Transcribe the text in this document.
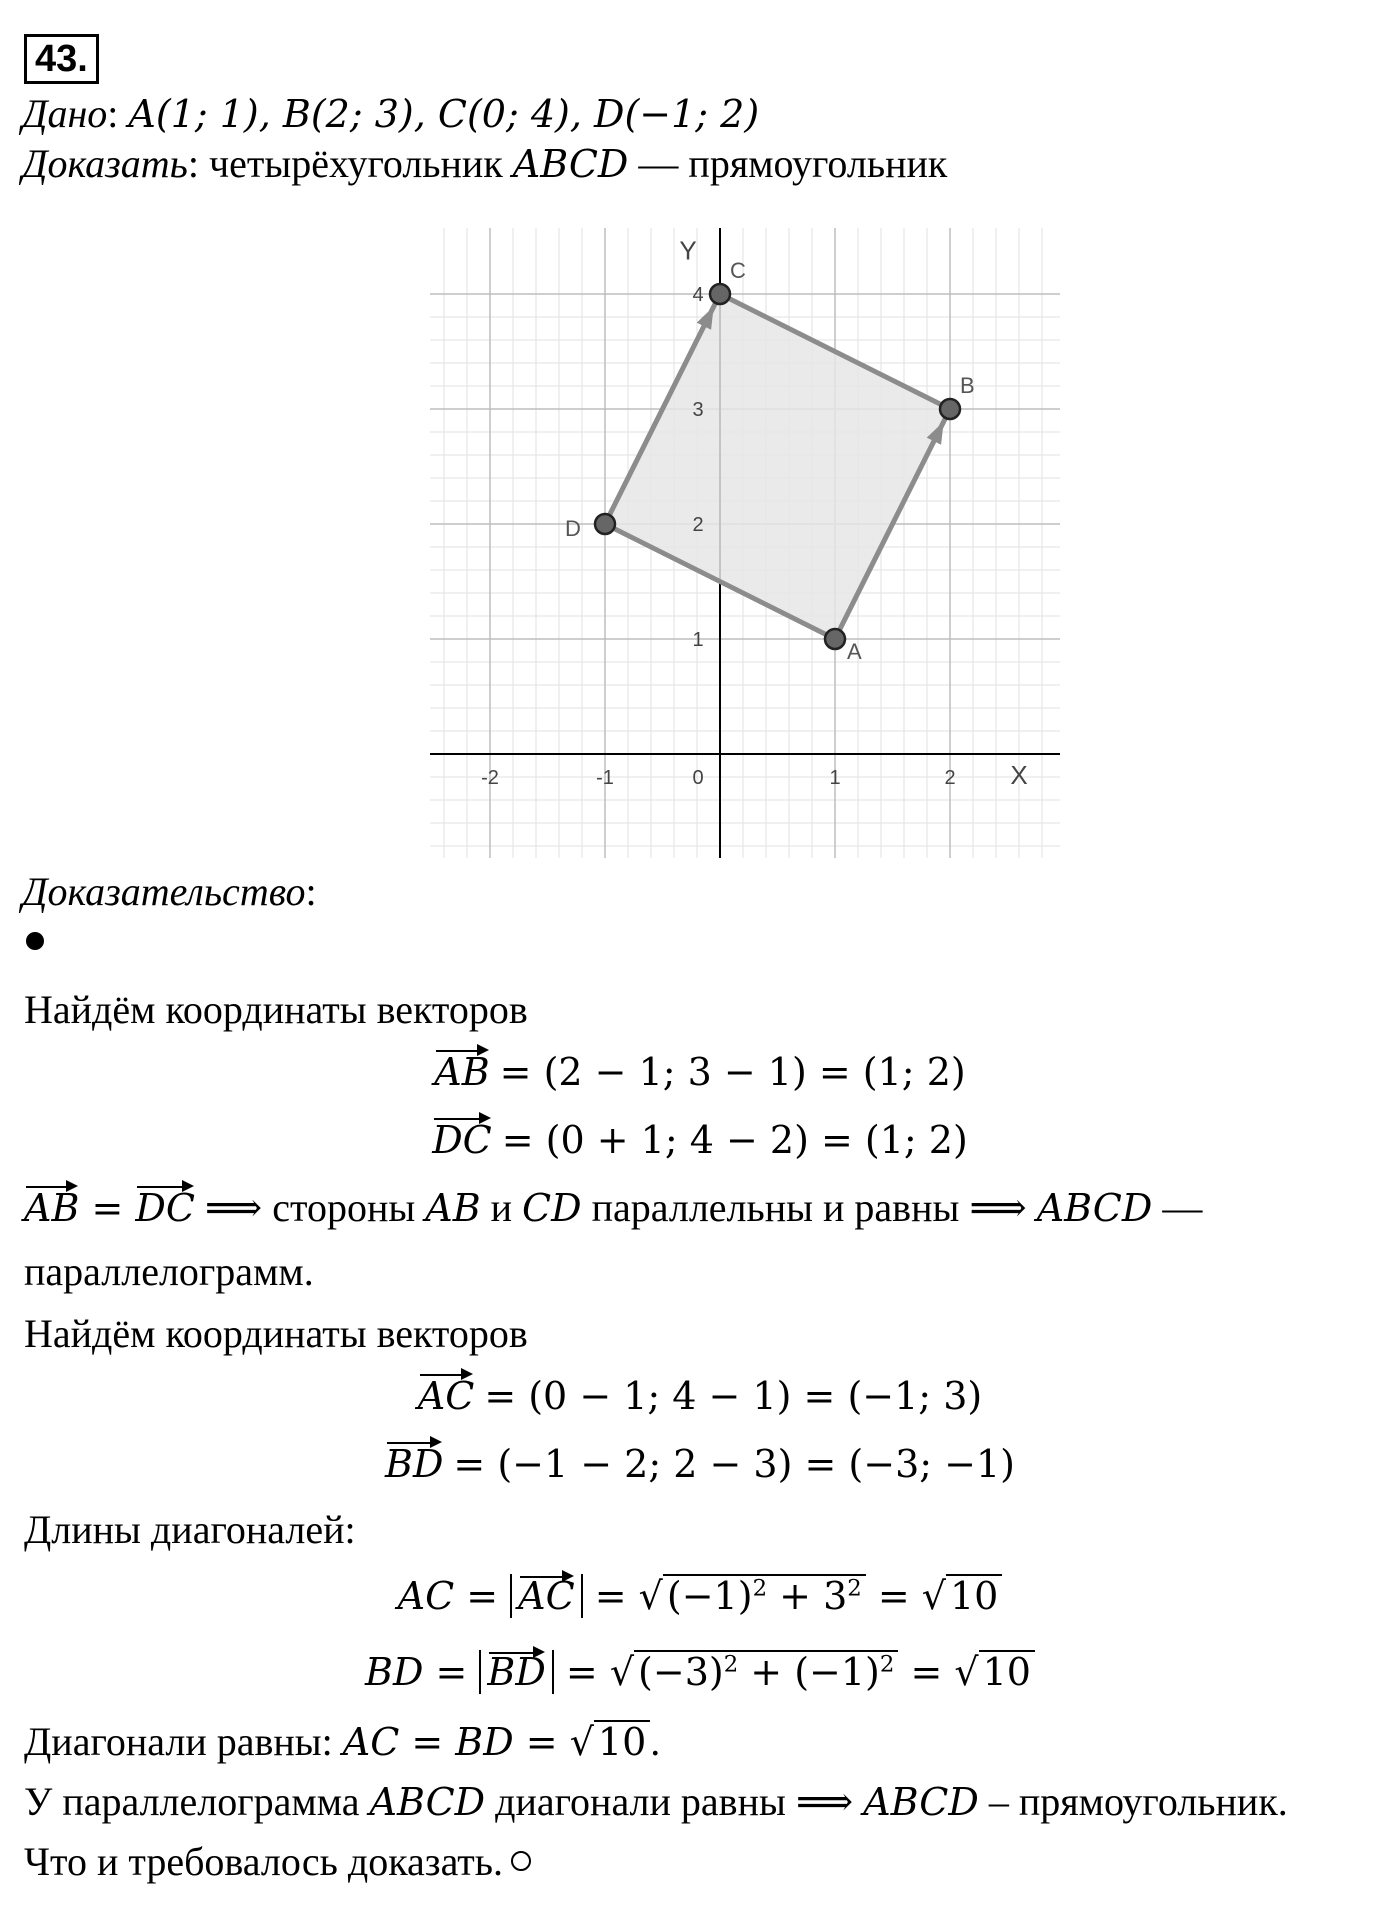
43.
Дано: A(1; 1), B(2; 3), C(0; 4), D(−1; 2)
Доказать: четырёхугольник ABCD — прямоугольник
A
B
C
D
-2	-1	0	1	2
1
2
3
4
X
Y
Доказательство:
Найдём координаты векторов
AB = (2 − 1; 3 − 1) = (1; 2)
DC = (0 + 1; 4 − 2) = (1; 2)
AB = DC ⟹ стороны AB и CD параллельны и равны ⟹ ABCD —
параллелограмм.
Найдём координаты векторов
AC = (0 − 1; 4 − 1) = (−1; 3)
BD = (−1 − 2; 2 − 3) = (−3; −1)
Длины диагоналей:
AC = AC = √ $(-1)^2 + 3^2$ = √ 10
BD = BD = √ $(-3)^2 + (-1)^2$ = √ 10
Диагонали равны: AC = BD = √ 10 .
У параллелограмма ABCD диагонали равны ⟹ ABCD – прямоугольник.
Что и требовалось доказать.
